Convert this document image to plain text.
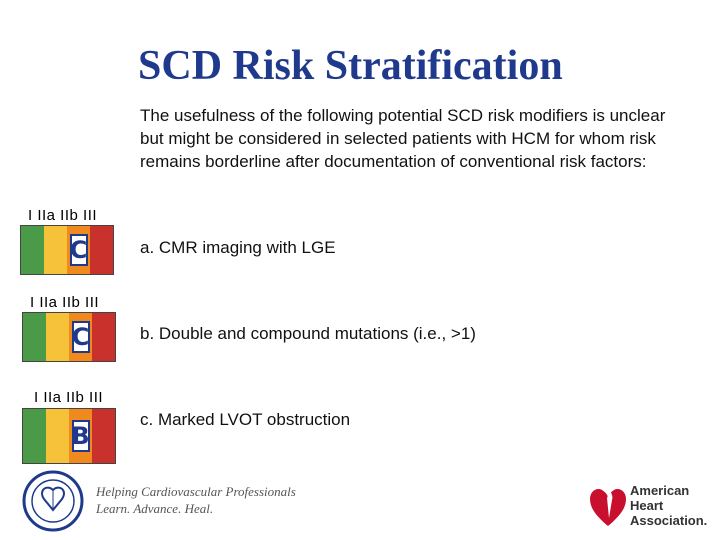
SCD Risk Stratification
The usefulness of the following potential SCD risk modifiers is unclear but might be considered in selected patients with HCM for whom risk remains borderline after documentation of conventional risk factors:
I IIa IIb III
C	a. CMR imaging with LGE
I IIa IIb III
C	b. Double and compound mutations (i.e., >1)
I IIa IIb III
B
c. Marked LVOT obstruction
Helping Cardiovascular Professionals
Learn. Advance. Heal.
American
Heart
Association.
